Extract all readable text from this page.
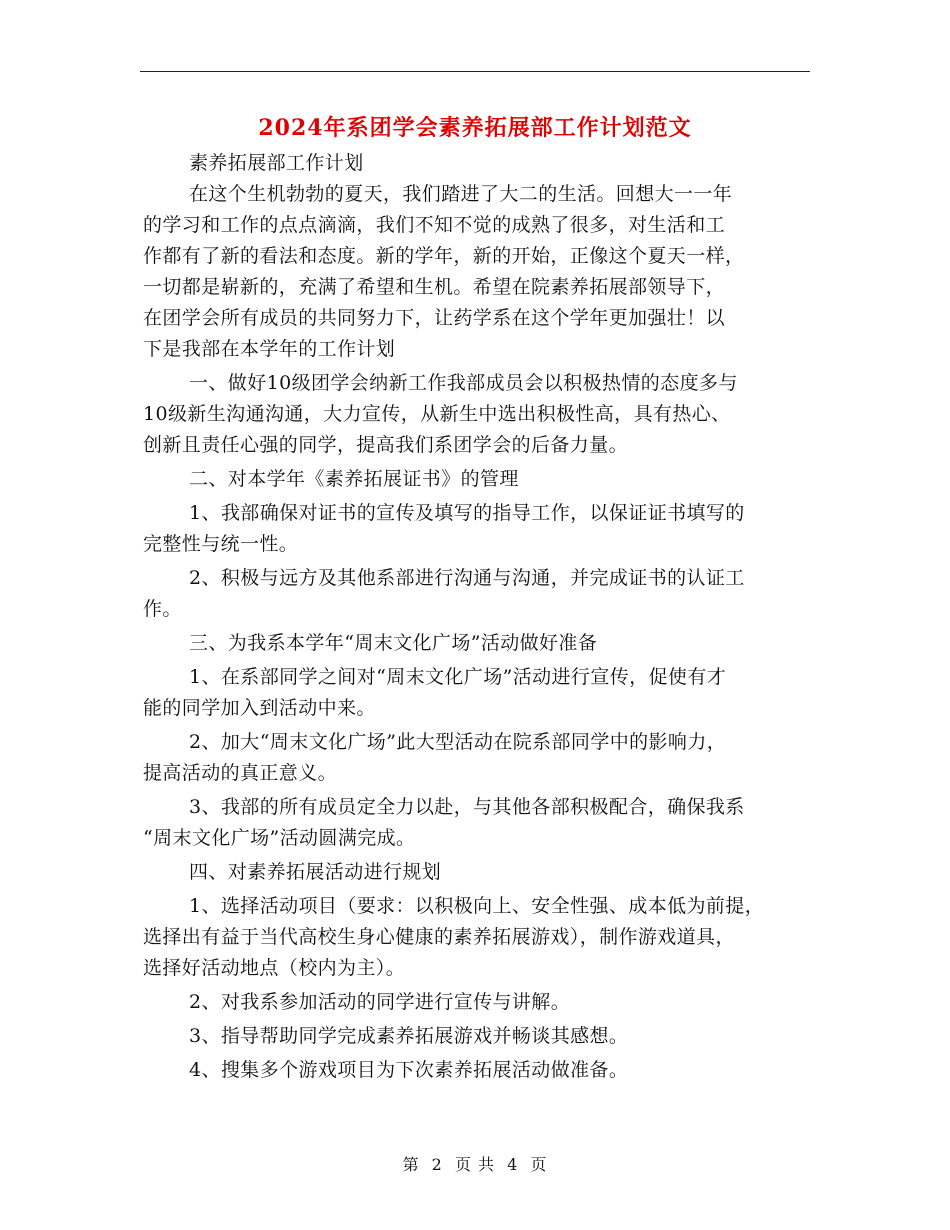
2024年系团学会素养拓展部工作计划范文
素养拓展部工作计划
在这个生机勃勃的夏天，我们踏进了大二的生活。回想大一一年
的学习和工作的点点滴滴，我们不知不觉的成熟了很多，对生活和工
作都有了新的看法和态度。新的学年，新的开始，正像这个夏天一样，
一切都是崭新的，充满了希望和生机。希望在院素养拓展部领导下，
在团学会所有成员的共同努力下，让药学系在这个学年更加强壮！以
下是我部在本学年的工作计划
一、做好10级团学会纳新工作我部成员会以积极热情的态度多与
10级新生沟通沟通，大力宣传，从新生中选出积极性高，具有热心、
创新且责任心强的同学，提高我们系团学会的后备力量。
二、对本学年《素养拓展证书》的管理
1、我部确保对证书的宣传及填写的指导工作，以保证证书填写的
完整性与统一性。
2、积极与远方及其他系部进行沟通与沟通，并完成证书的认证工
作。
三、为我系本学年“周末文化广场”活动做好准备
1、在系部同学之间对“周末文化广场”活动进行宣传，促使有才
能的同学加入到活动中来。
2、加大“周末文化广场”此大型活动在院系部同学中的影响力，
提高活动的真正意义。
3、我部的所有成员定全力以赴，与其他各部积极配合，确保我系
“周末文化广场”活动圆满完成。
四、对素养拓展活动进行规划
1、选择活动项目（要求：以积极向上、安全性强、成本低为前提，
选择出有益于当代高校生身心健康的素养拓展游戏），制作游戏道具，
选择好活动地点（校内为主）。
2、对我系参加活动的同学进行宣传与讲解。
3、指导帮助同学完成素养拓展游戏并畅谈其感想。
4、搜集多个游戏项目为下次素养拓展活动做准备。
第 2 页 共 4 页
